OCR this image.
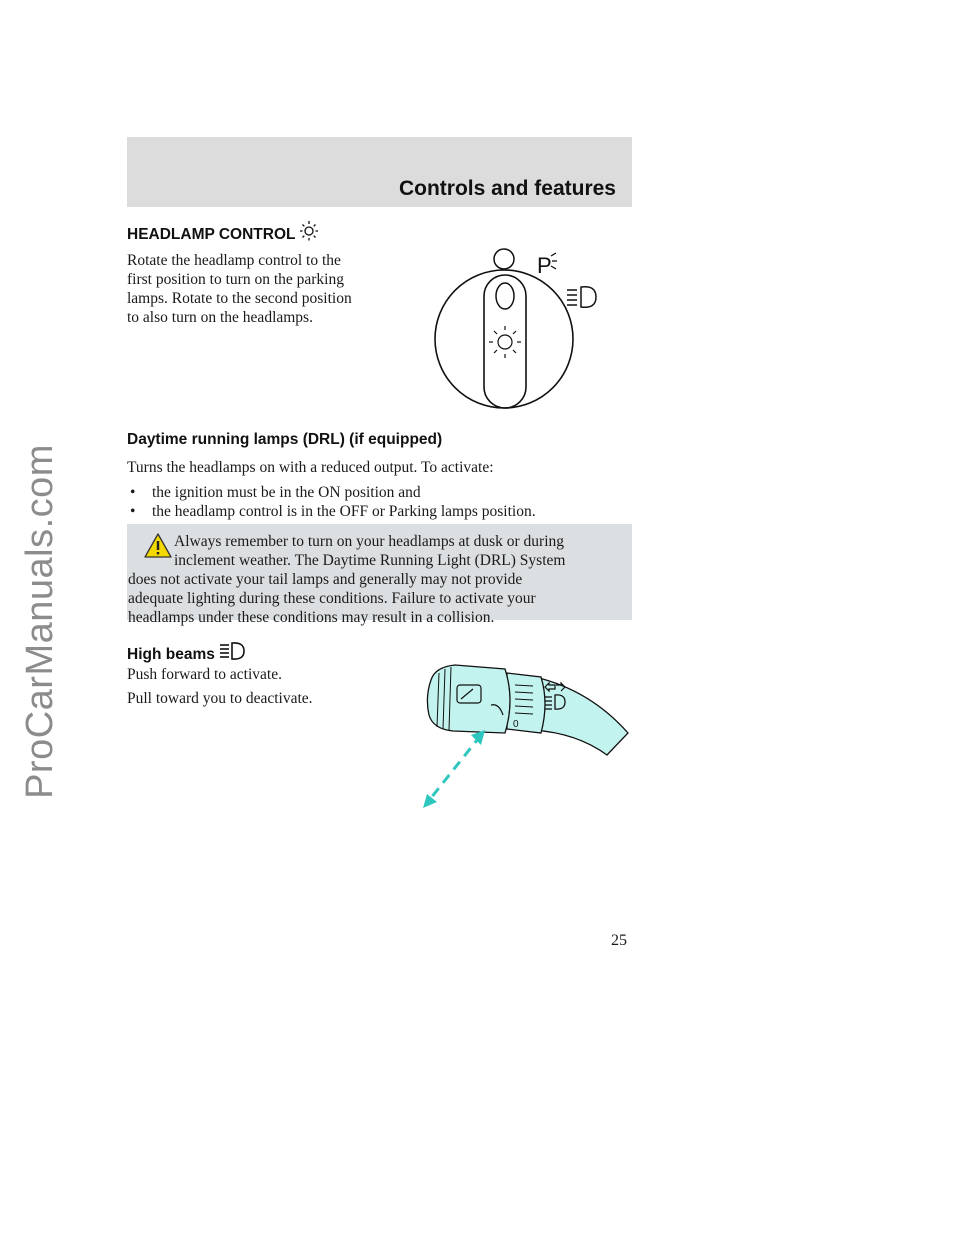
ProCarManuals.com
Controls and features
HEADLAMP CONTROL
Rotate the headlamp control to the
first position to turn on the parking
lamps. Rotate to the second position
to also turn on the headlamps.
P
Daytime running lamps (DRL) (if equipped)
Turns the headlamps on with a reduced output. To activate:
• the ignition must be in the ON position and
• the headlamp control is in the OFF or Parking lamps position.
Always remember to turn on your headlamps at dusk or during
inclement weather. The Daytime Running Light (DRL) System
does not activate your tail lamps and generally may not provide
adequate lighting during these conditions. Failure to activate your
headlamps under these conditions may result in a collision.
High beams
Push forward to activate.
Pull toward you to deactivate.
0
25
